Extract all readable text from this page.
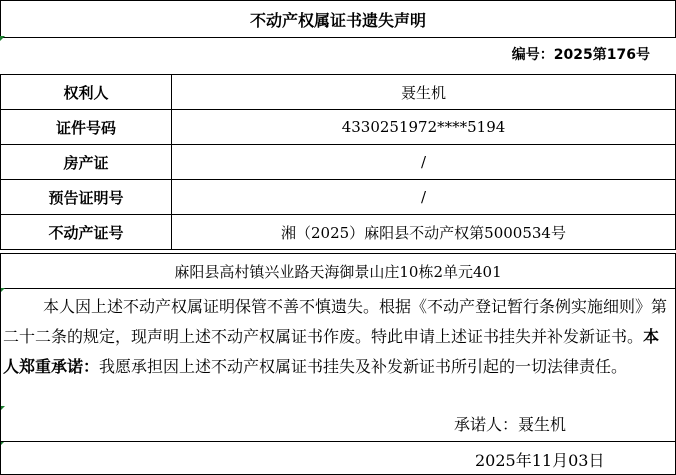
不动产权属证书遗失声明
编号：2025第176号
权利人	聂生机
证件号码	4330251972****5194
房产证	/
预告证明号	/
不动产证号	湘（2025）麻阳县不动产权第5000534号
麻阳县高村镇兴业路天海御景山庄10栋2单元401
本人因上述不动产权属证明保管不善不慎遗失。根据《不动产登记暂行条例实施细则》第二十二条的规定，现声明上述不动产权属证书作废。特此申请上述证书挂失并补发新证书。本人郑重承诺：我愿承担因上述不动产权属证书挂失及补发新证书所引起的一切法律责任。
承诺人：聂生机
2025年11月03日
